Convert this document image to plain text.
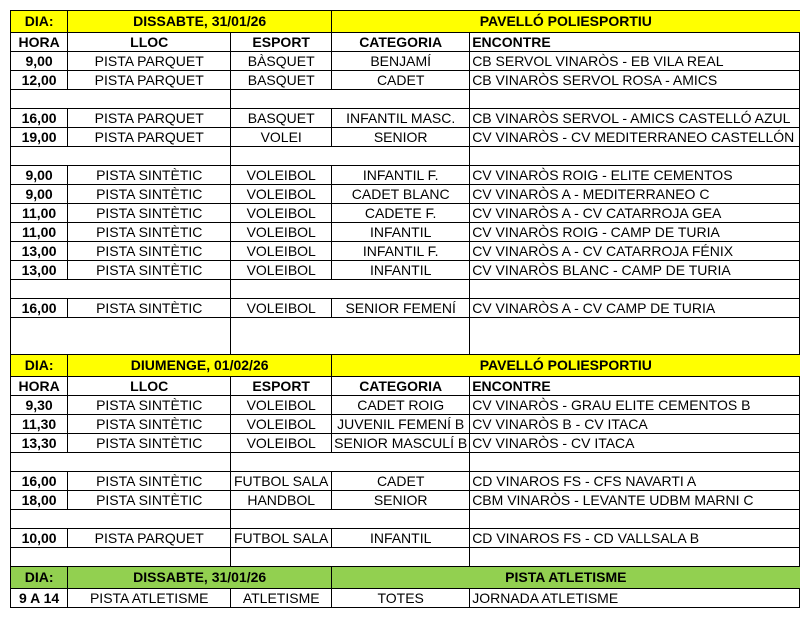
DIA:	DISSABTE, 31/01/26		PAVELLÓ POLIESPORTIU	
HORA	LLOC	ESPORT	CATEGORIA	ENCONTRE
9,00	PISTA PARQUET	BÀSQUET	BENJAMÍ	CB SERVOL VINARÒS - EB VILA REAL
12,00	PISTA PARQUET	BASQUET	CADET	CB VINARÒS SERVOL ROSA - AMICS

16,00	PISTA PARQUET	BASQUET	INFANTIL MASC.	CB VINARÒS SERVOL - AMICS CASTELLÓ AZUL
19,00	PISTA PARQUET	VOLEI	SENIOR	CV VINARÒS - CV MEDITERRANEO CASTELLÓN

9,00	PISTA SINTÈTIC	VOLEIBOL	INFANTIL F.	CV VINARÒS ROIG - ELITE CEMENTOS
9,00	PISTA SINTÈTIC	VOLEIBOL	CADET BLANC	CV VINARÒS A - MEDITERRANEO C
11,00	PISTA SINTÈTIC	VOLEIBOL	CADETE F.	CV VINARÒS A - CV CATARROJA GEA
11,00	PISTA SINTÈTIC	VOLEIBOL	INFANTIL	CV VINARÒS ROIG - CAMP DE TURIA
13,00	PISTA SINTÈTIC	VOLEIBOL	INFANTIL F.	CV VINARÒS A - CV CATARROJA FÉNIX
13,00	PISTA SINTÈTIC	VOLEIBOL	INFANTIL	CV VINARÒS BLANC - CAMP DE TURIA

16,00	PISTA SINTÈTIC	VOLEIBOL	SENIOR FEMENÍ	CV VINARÒS A - CV CAMP DE TURIA

DIA:	DIUMENGE, 01/02/26		PAVELLÓ POLIESPORTIU	
HORA	LLOC	ESPORT	CATEGORIA	ENCONTRE
9,30	PISTA SINTÈTIC	VOLEIBOL	CADET ROIG	CV VINARÒS - GRAU ELITE CEMENTOS B
11,30	PISTA SINTÈTIC	VOLEIBOL	JUVENIL FEMENÍ B	CV VINARÒS B - CV ITACA
13,30	PISTA SINTÈTIC	VOLEIBOL	SENIOR MASCULÍ B	CV VINARÒS - CV ITACA

16,00	PISTA SINTÈTIC	FUTBOL SALA	CADET	CD VINAROS FS - CFS NAVARTI A
18,00	PISTA SINTÈTIC	HANDBOL	SENIOR	CBM VINARÒS - LEVANTE UDBM MARNI C

10,00	PISTA PARQUET	FUTBOL SALA	INFANTIL	CD VINAROS FS - CD VALLSALA B

DIA:	DISSABTE, 31/01/26		PISTA ATLETISME	
9 A 14	PISTA ATLETISME	ATLETISME	TOTES	JORNADA ATLETISME
